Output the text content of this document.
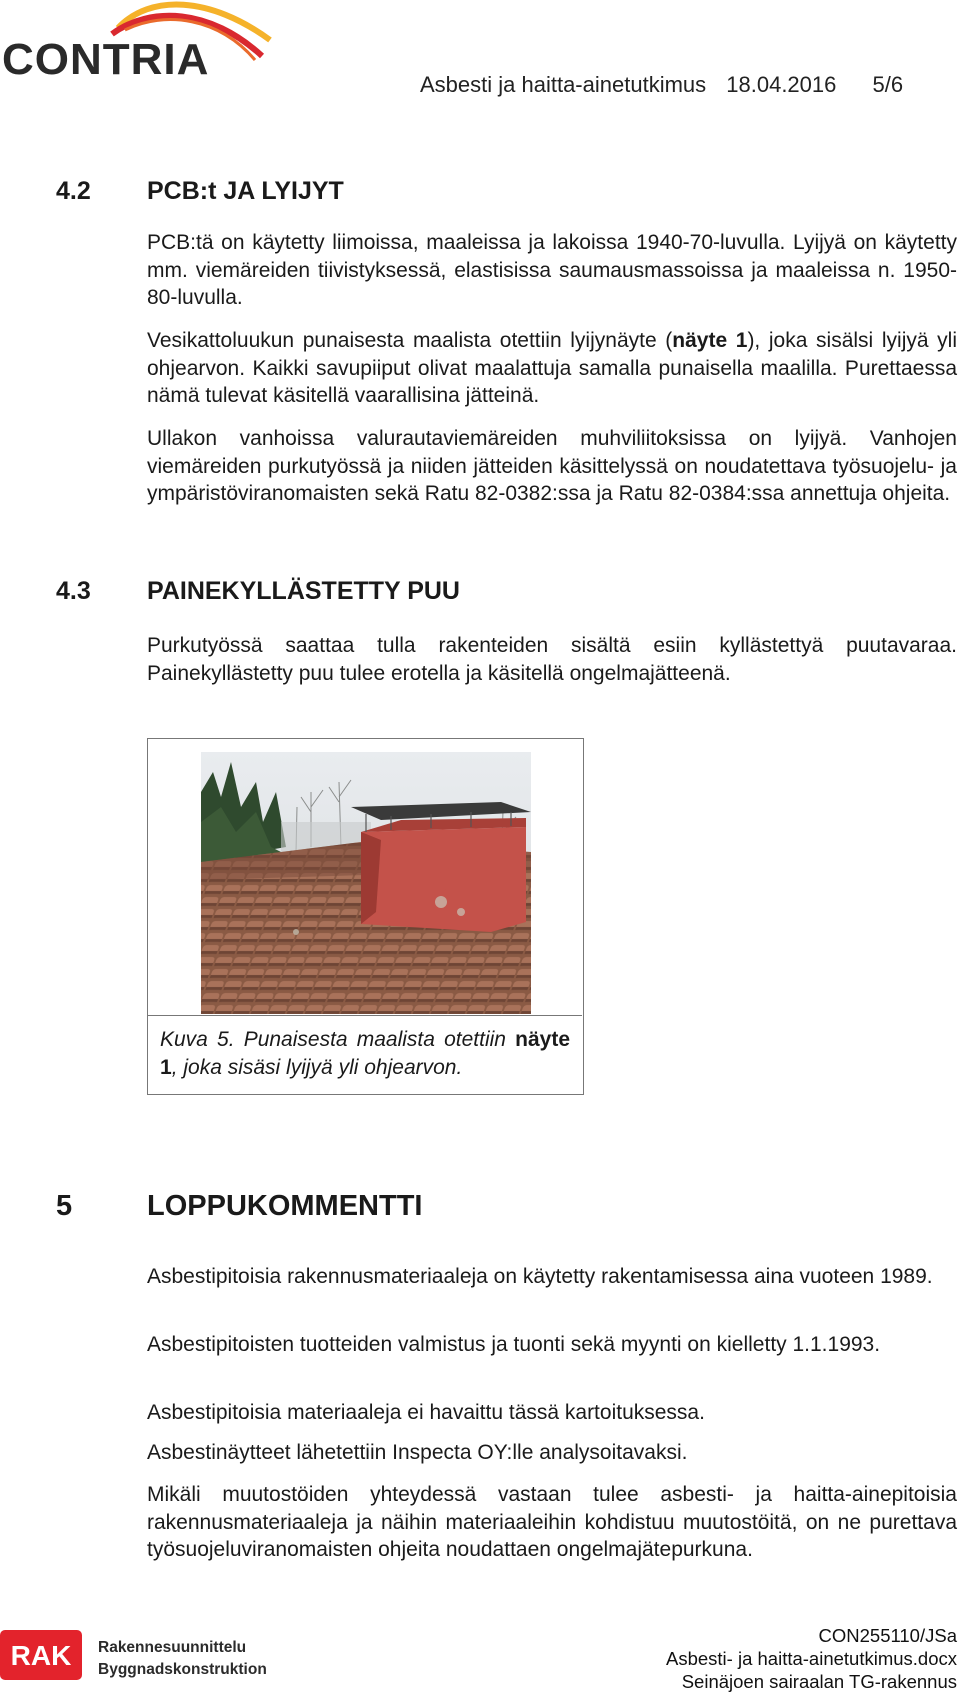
CONTRIA
Asbesti ja haitta-ainetutkimus 18.04.2016 5/6
4.2 PCB:t JA LYIJYT

PCB:tä on käytetty liimoissa, maaleissa ja lakoissa 1940-70-luvulla. Lyijyä on käytetty mm. viemäreiden tiivistyksessä, elastisissa saumausmassoissa ja maaleissa n. 1950-80-luvulla.

Vesikattoluukun punaisesta maalista otettiin lyijynäyte (näyte 1), joka sisälsi lyijyä yli ohjearvon. Kaikki savupiiput olivat maalattuja samalla punaisella maalilla. Purettaessa nämä tulevat käsitellä vaarallisina jätteinä.

Ullakon vanhoissa valurautaviemäreiden muhviliitoksissa on lyijyä. Vanhojen viemäreiden purkutyössä ja niiden jätteiden käsittelyssä on noudatettava työsuojelu- ja ympäristöviranomaisten sekä Ratu 82-0382:ssa ja Ratu 82-0384:ssa annettuja ohjeita.

4.3 PAINEKYLLÄSTETTY PUU

Purkutyössä saattaa tulla rakenteiden sisältä esiin kyllästettyä puutavaraa. Painekyllästetty puu tulee erotella ja käsitellä ongelmajätteenä.

Kuva 5. Punaisesta maalista otettiin näyte 1, joka sisäsi lyijyä yli ohjearvon.
5	LOPPUKOMMENTTI

Asbestipitoisia rakennusmateriaaleja on käytetty rakentamisessa aina vuoteen 1989.

Asbestipitoisten tuotteiden valmistus ja tuonti sekä myynti on kielletty 1.1.1993.

Asbestipitoisia materiaaleja ei havaittu tässä kartoituksessa.

Asbestinäytteet lähetettiin Inspecta OY:lle analysoitavaksi.

Mikäli muutostöiden yhteydessä vastaan tulee asbesti- ja haitta-ainepitoisia rakennusmateriaaleja ja näihin materiaaleihin kohdistuu muutostöitä, on ne purettava työsuojeluviranomaisten ohjeita noudattaen ongelmajätepurkuna.

RAK Rakennesuunnittelu
Byggnadskonstruktion
CON255110/JSa
Asbesti- ja haitta-ainetutkimus.docx
Seinäjoen sairaalan TG-rakennus
